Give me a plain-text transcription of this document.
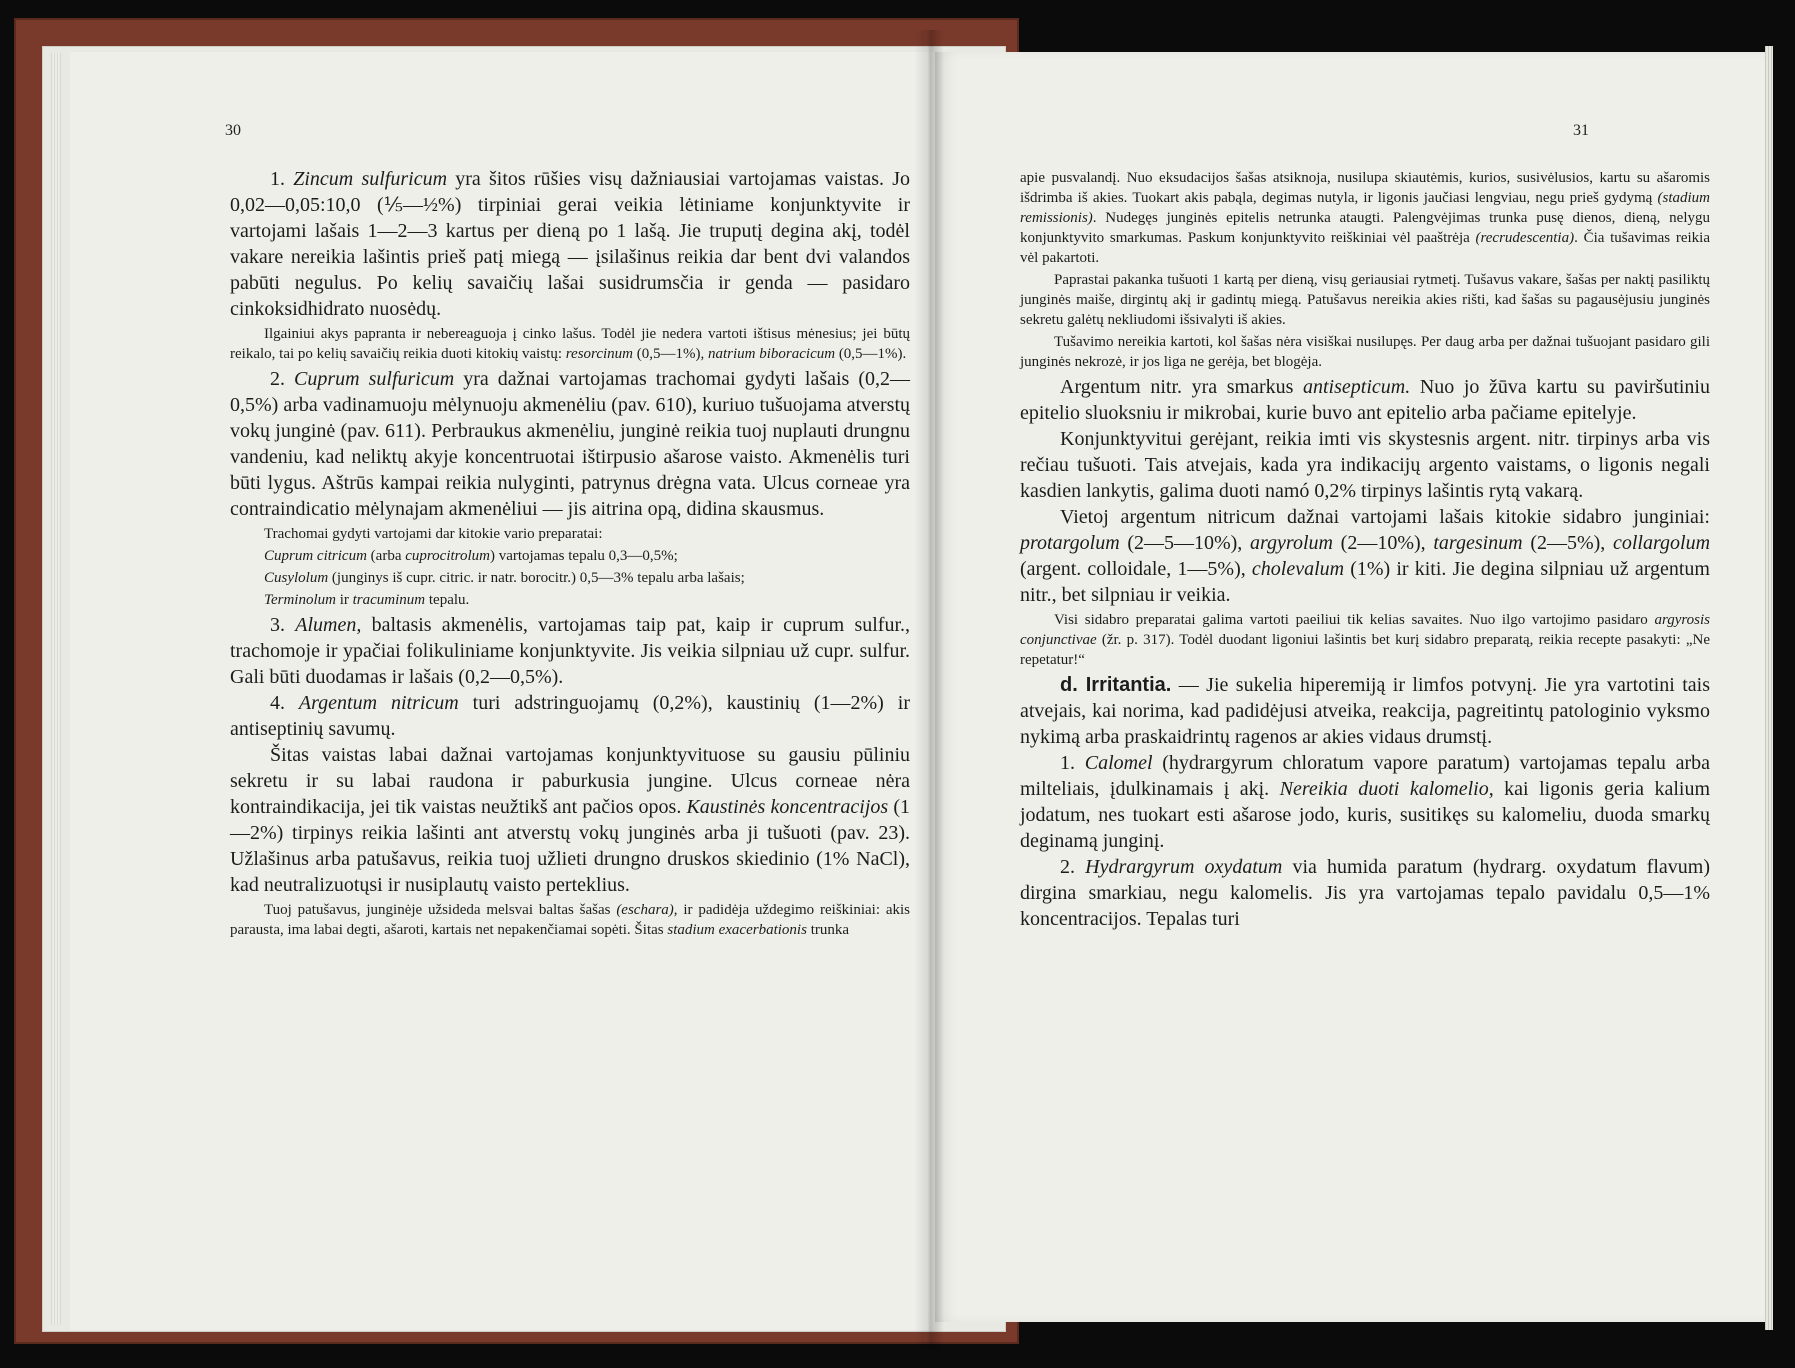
30

1. Zincum sulfuricum yra šitos rūšies visų dažniausiai vartojamas vaistas. Jo 0,02—0,05:10,0 (⅕—½%) tirpiniai gerai veikia lėtiniame konjunktyvite ir vartojami lašais 1—2—3 kartus per dieną po 1 lašą. Jie truputį degina akį, todėl vakare nereikia lašintis prieš patį miegą — įsilašinus reikia dar bent dvi valandos pabūti negulus. Po kelių savaičių lašai susidrumsčia ir genda — pasidaro cinkoksidhidrato nuosėdų.

Ilgainiui akys papranta ir nebereaguoja į cinko lašus. Todėl jie nedera vartoti ištisus mėnesius; jei būtų reikalo, tai po kelių savaičių reikia duoti kitokių vaistų: resorcinum (0,5—1%), natrium biboracicum (0,5—1%).

2. Cuprum sulfuricum yra dažnai vartojamas trachomai gydyti lašais (0,2—0,5%) arba vadinamuoju mėlynuoju akmenėliu (pav. 610), kuriuo tušuojama atverstų vokų junginė (pav. 611). Perbraukus akmenėliu, junginė reikia tuoj nuplauti drungnu vandeniu, kad neliktų akyje koncentruotai ištirpusio ašarose vaisto. Akmenėlis turi būti lygus. Aštrūs kampai reikia nulyginti, patrynus drėgna vata. Ulcus corneae yra contraindicatio mėlynajam akmenėliui — jis aitrina opą, didina skausmus.

Trachomai gydyti vartojami dar kitokie vario preparatai:

Cuprum citricum (arba cuprocitrolum) vartojamas tepalu 0,3—0,5%;

Cusylolum (junginys iš cupr. citric. ir natr. borocitr.) 0,5—3% tepalu arba lašais;

Terminolum ir tracuminum tepalu.

3. Alumen, baltasis akmenėlis, vartojamas taip pat, kaip ir cuprum sulfur., trachomoje ir ypačiai folikuliniame konjunktyvite. Jis veikia silpniau už cupr. sulfur. Gali būti duodamas ir lašais (0,2—0,5%).

4. Argentum nitricum turi adstringuojamų (0,2%), kaustinių (1—2%) ir antiseptinių savumų.

Šitas vaistas labai dažnai vartojamas konjunktyvituose su gausiu pūliniu sekretu ir su labai raudona ir paburkusia jungine. Ulcus corneae nėra kontraindikacija, jei tik vaistas neužtikš ant pačios opos. Kaustinės koncentracijos (1—2%) tirpinys reikia lašinti ant atverstų vokų junginės arba ji tušuoti (pav. 23). Užlašinus arba patušavus, reikia tuoj užlieti drungno druskos skiedinio (1% NaCl), kad neutralizuotųsi ir nusiplautų vaisto perteklius.

Tuoj patušavus, junginėje užsideda melsvai baltas šašas (eschara), ir padidėja uždegimo reiškiniai: akis parausta, ima labai degti, ašaroti, kartais net nepakenčiamai sopėti. Šitas stadium exacerbationis trunka

31

apie pusvalandį. Nuo eksudacijos šašas atsiknoja, nusilupa skiautėmis, kurios, susivėlusios, kartu su ašaromis išdrimba iš akies. Tuokart akis pabąla, degimas nutyla, ir ligonis jaučiasi lengviau, negu prieš gydymą (stadium remissionis). Nudegęs junginės epitelis netrunka ataugti. Palengvėjimas trunka pusę dienos, dieną, nelygu konjunktyvito smarkumas. Paskum konjunktyvito reiškiniai vėl paaštrėja (recrudescentia). Čia tušavimas reikia vėl pakartoti.

Paprastai pakanka tušuoti 1 kartą per dieną, visų geriausiai rytmetį. Tušavus vakare, šašas per naktį pasiliktų junginės maiše, dirgintų akį ir gadintų miegą. Patušavus nereikia akies rišti, kad šašas su pagausėjusiu junginės sekretu galėtų nekliudomi išsivalyti iš akies.

Tušavimo nereikia kartoti, kol šašas nėra visiškai nusilupęs. Per daug arba per dažnai tušuojant pasidaro gili junginės nekrozė, ir jos liga ne gerėja, bet blogėja.

Argentum nitr. yra smarkus antisepticum. Nuo jo žūva kartu su paviršutiniu epitelio sluoksniu ir mikrobai, kurie buvo ant epitelio arba pačiame epitelyje.

Konjunktyvitui gerėjant, reikia imti vis skystesnis argent. nitr. tirpinys arba vis rečiau tušuoti. Tais atvejais, kada yra indikacijų argento vaistams, o ligonis negali kasdien lankytis, galima duoti namó 0,2% tirpinys lašintis rytą vakarą.

Vietoj argentum nitricum dažnai vartojami lašais kitokie sidabro junginiai: protargolum (2—5—10%), argyrolum (2—10%), targesinum (2—5%), collargolum (argent. colloidale, 1—5%), cholevalum (1%) ir kiti. Jie degina silpniau už argentum nitr., bet silpniau ir veikia.

Visi sidabro preparatai galima vartoti paeiliui tik kelias savaites. Nuo ilgo vartojimo pasidaro argyrosis conjunctivae (žr. p. 317). Todėl duodant ligoniui lašintis bet kurį sidabro preparatą, reikia recepte pasakyti: „Ne repetatur!“

d. Irritantia. — Jie sukelia hiperemiją ir limfos potvynį. Jie yra vartotini tais atvejais, kai norima, kad padidėjusi atveika, reakcija, pagreitintų patologinio vyksmo nykimą arba praskaidrintų ragenos ar akies vidaus drumstį.

1. Calomel (hydrargyrum chloratum vapore paratum) vartojamas tepalu arba milteliais, įdulkinamais į akį. Nereikia duoti kalomelio, kai ligonis geria kalium jodatum, nes tuokart esti ašarose jodo, kuris, susitikęs su kalomeliu, duoda smarkų deginamą junginį.

2. Hydrargyrum oxydatum via humida paratum (hydrarg. oxydatum flavum) dirgina smarkiau, negu kalomelis. Jis yra vartojamas tepalo pavidalu 0,5—1% koncentracijos. Tepalas turi
